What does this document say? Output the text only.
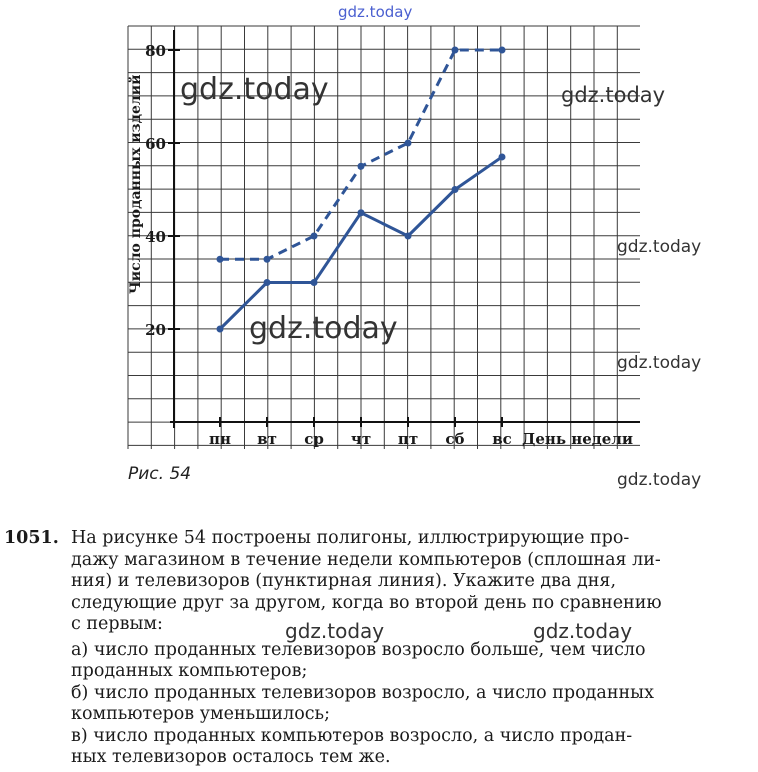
20
40
60
80
пн вт ср чт пт сб вс День недели
Число проданных изделий
Рис. 54
gdz.today
gdz.today	gdz.today
gdz.today
gdz.today
gdz.today
gdz.today
gdz.today	gdz.today
1051. На рисунке 54 построены полигоны, иллюстрирующие про-

дажу магазином в течение недели компьютеров (сплошная ли-

ния) и телевизоров (пунктирная линия). Укажите два дня,

следующие друг за другом, когда во второй день по сравнению

с первым:

а) число проданных телевизоров возросло больше, чем число

проданных компьютеров;

б) число проданных телевизоров возросло, а число проданных

компьютеров уменьшилось;

в) число проданных компьютеров возросло, а число продан-

ных телевизоров осталось тем же.
